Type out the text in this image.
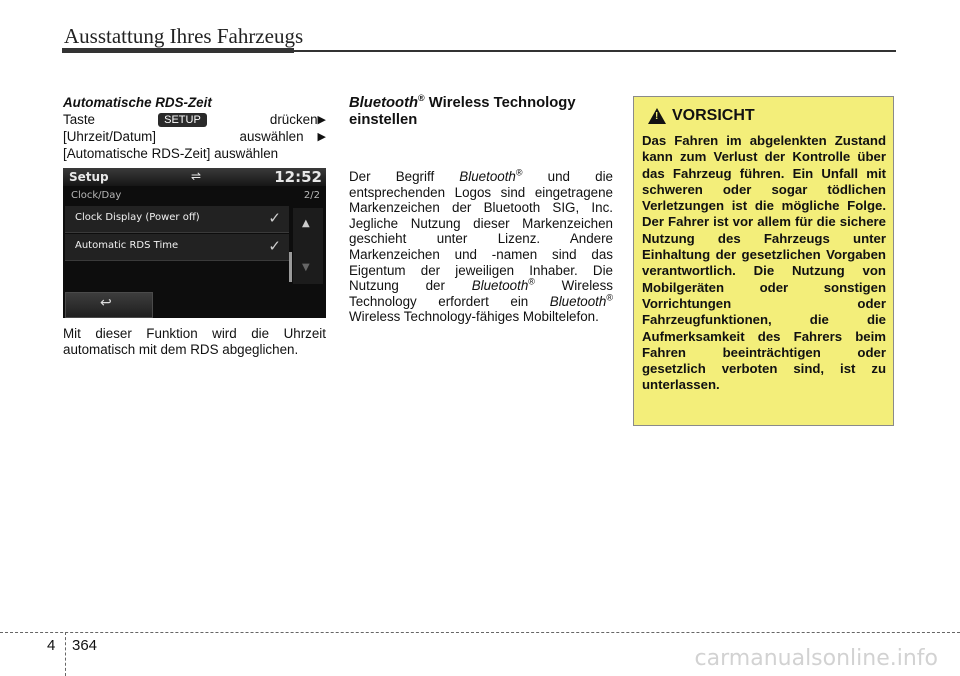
Ausstattung Ihres Fahrzeugs

Automatische RDS-Zeit

Taste	SETUP	drücken ▶
[Uhrzeit/Datum]	auswählen ▶
[Automatische RDS-Zeit] auswählen
Setup	⇌	12:52
Clock/Day	2/2
Clock Display (Power off)	✓
Automatic RDS Time	✓
▲
▼
↩
Mit dieser Funktion wird die Uhrzeit automatisch mit dem RDS abgeglichen.
Bluetooth® Wireless Technology einstellen

Der Begriff Bluetooth® und die entsprechenden Logos sind eingetragene Markenzeichen der Bluetooth SIG, Inc. Jegliche Nutzung dieser Markenzeichen geschieht unter Lizenz. Andere Markenzeichen und -namen sind das Eigentum der jeweiligen Inhaber. Die Nutzung der Bluetooth® Wireless Technology erfordert ein Bluetooth® Wireless Technology-fähiges Mobiltelefon.

!
VORSICHT

Das Fahren im abgelenkten Zustand kann zum Verlust der Kontrolle über das Fahrzeug führen. Ein Unfall mit schweren oder sogar tödlichen Verletzungen ist die mögliche Folge. Der Fahrer ist vor allem für die sichere Nutzung des Fahrzeugs unter Einhaltung der gesetzlichen Vorgaben verantwortlich. Die Nutzung von Mobilgeräten oder sonstigen Vorrichtungen oder Fahrzeugfunktionen, die die Aufmerksamkeit des Fahrers beim Fahren beeinträchtigen oder gesetzlich verboten sind, ist zu unterlassen.

4 364
carmanualsonline.info
